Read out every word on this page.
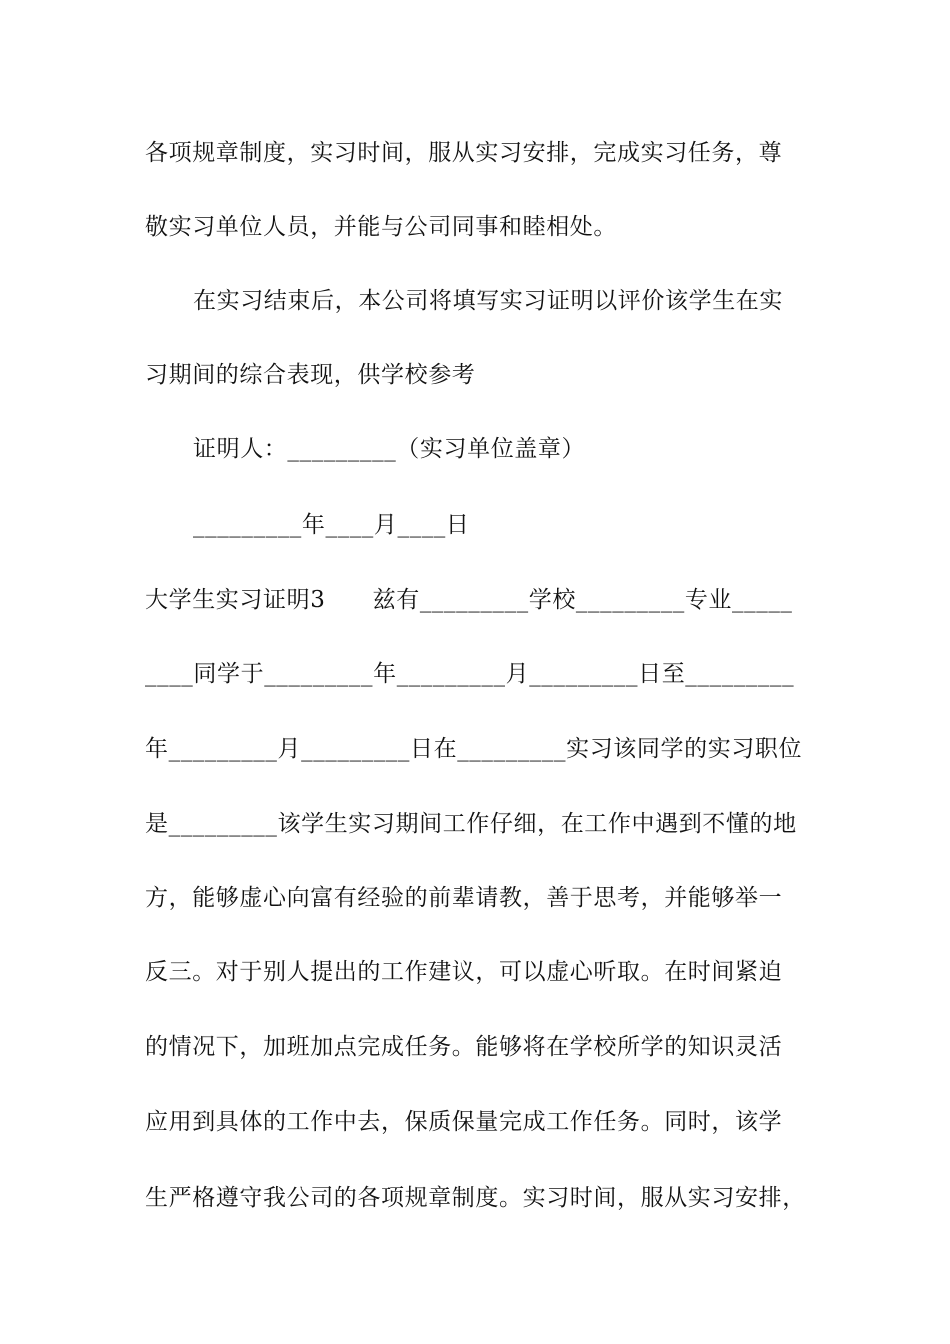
各项规章制度，实习时间，服从实习安排，完成实习任务，尊
敬实习单位人员，并能与公司同事和睦相处。
在实习结束后，本公司将填写实习证明以评价该学生在实
习期间的综合表现，供学校参考
证明人：_________（实习单位盖章）
_________年____月____日
大学生实习证明3　　兹有_________学校_________专业_____
____同学于_________年_________月_________日至_________
年_________月_________日在_________实习该同学的实习职位
是_________该学生实习期间工作仔细，在工作中遇到不懂的地
方，能够虚心向富有经验的前辈请教，善于思考，并能够举一
反三。对于别人提出的工作建议，可以虚心听取。在时间紧迫
的情况下，加班加点完成任务。能够将在学校所学的知识灵活
应用到具体的工作中去，保质保量完成工作任务。同时，该学
生严格遵守我公司的各项规章制度。实习时间，服从实习安排，
